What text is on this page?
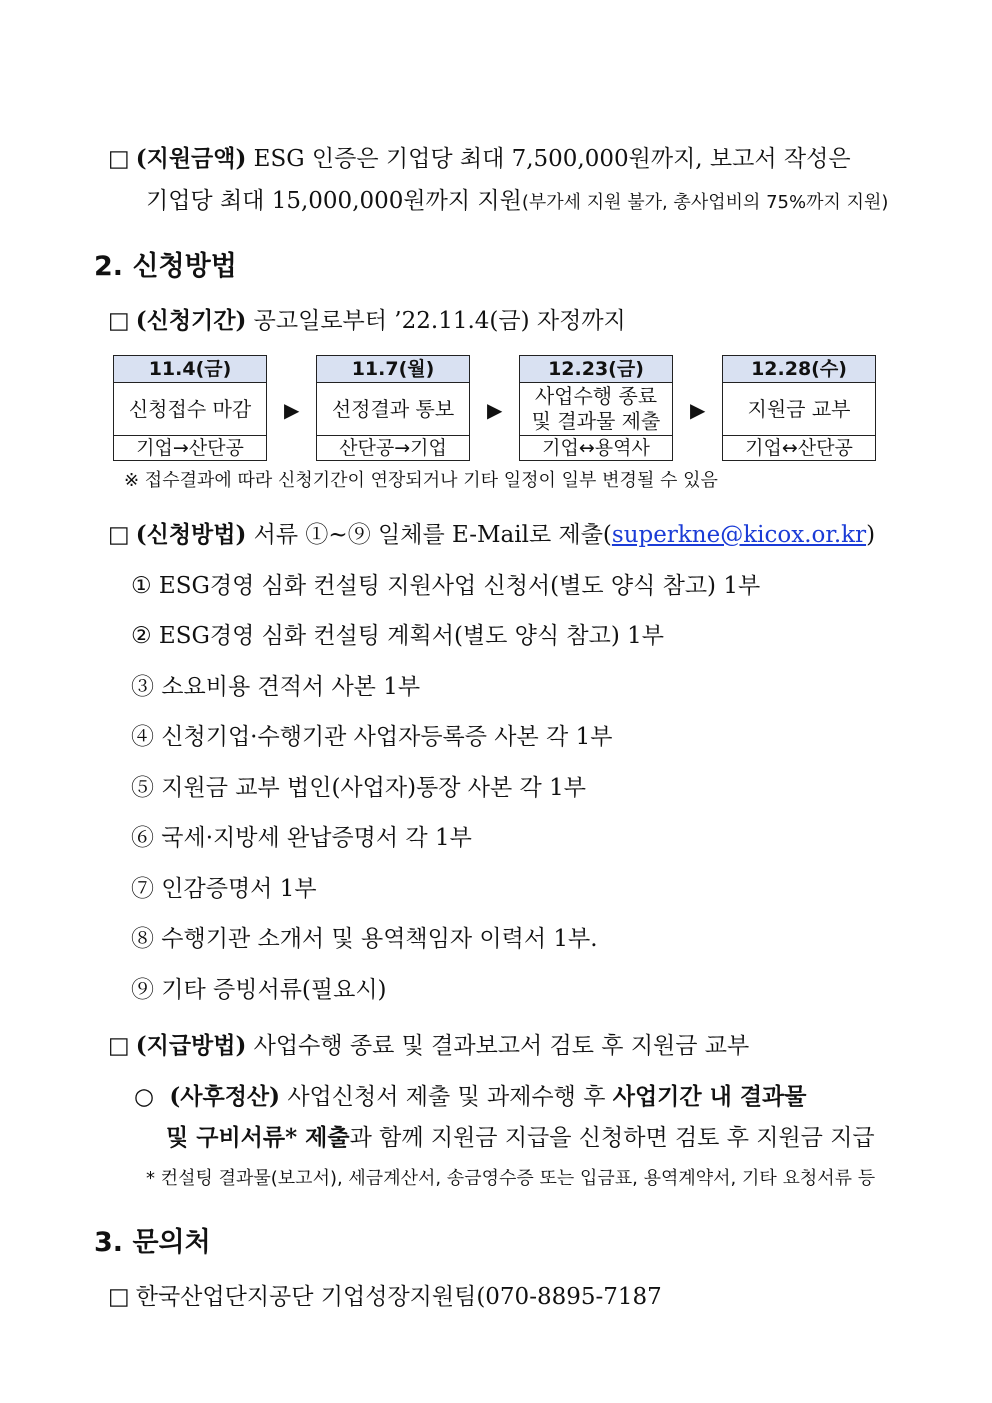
□ (지원금액) ESG 인증은 기업당 최대 7,500,000원까지, 보고서 작성은
기업당 최대 15,000,000원까지 지원(부가세 지원 불가, 총사업비의 75%까지 지원)
2. 신청방법
□ (신청기간) 공고일로부터 ’22.11.4(금) 자정까지
11.4(금)
신청접수 마감
기업→산단공
▶
11.7(월)
선정결과 통보
산단공→기업
▶
12.23(금)
사업수행 종료
및 결과물 제출
기업↔용역사
▶
12.28(수)
지원금 교부
기업↔산단공
※ 접수결과에 따라 신청기간이 연장되거나 기타 일정이 일부 변경될 수 있음
□ (신청방법) 서류 ①~⑨ 일체를 E-Mail로 제출(superkne@kicox.or.kr)
① ESG경영 심화 컨설팅 지원사업 신청서(별도 양식 참고) 1부
② ESG경영 심화 컨설팅 계획서(별도 양식 참고) 1부
③ 소요비용 견적서 사본 1부
④ 신청기업·수행기관 사업자등록증 사본 각 1부
⑤ 지원금 교부 법인(사업자)통장 사본 각 1부
⑥ 국세·지방세 완납증명서 각 1부
⑦ 인감증명서 1부
⑧ 수행기관 소개서 및 용역책임자 이력서 1부.
⑨ 기타 증빙서류(필요시)
□ (지급방법) 사업수행 종료 및 결과보고서 검토 후 지원금 교부
○ (사후정산) 사업신청서 제출 및 과제수행 후 사업기간 내 결과물
및 구비서류* 제출과 함께 지원금 지급을 신청하면 검토 후 지원금 지급
* 컨설팅 결과물(보고서), 세금계산서, 송금영수증 또는 입금표, 용역계약서, 기타 요청서류 등
3. 문의처
□ 한국산업단지공단 기업성장지원팀(070-8895-7187
